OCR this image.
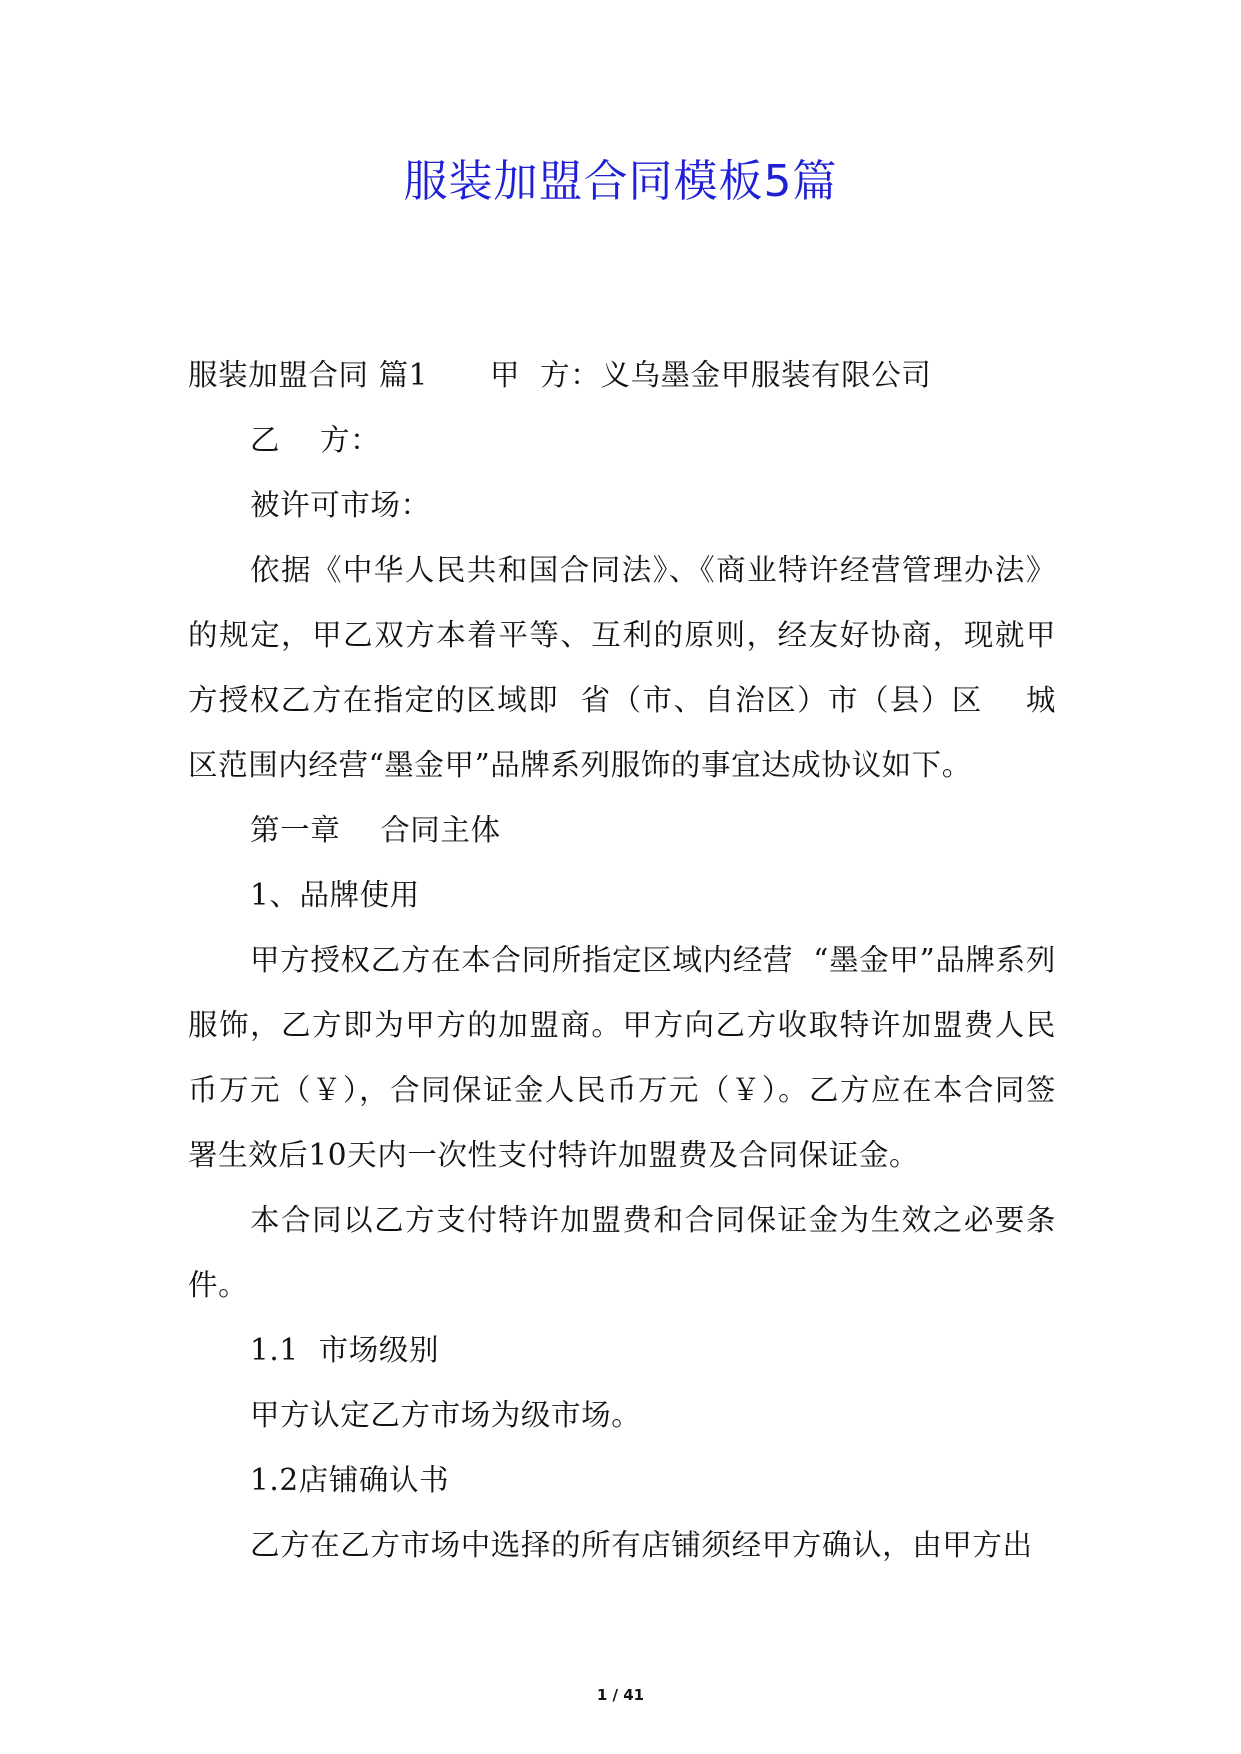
服装加盟合同模板5篇

服装加盟合同 篇1 甲 方：义乌墨金甲服装有限公司

乙    方：

被许可市场：

依据《中华人民共和国合同法》、《商业特许经营管理办法》的规定，甲乙双方本着平等、互利的原则，经友好协商，现就甲方授权乙方在指定的区域即  省（市、自治区）市（县）区    城区范围内经营“墨金甲”品牌系列服饰的事宜达成协议如下。

第一章    合同主体

1、品牌使用

甲方授权乙方在本合同所指定区域内经营  “墨金甲”品牌系列服饰，乙方即为甲方的加盟商。甲方向乙方收取特许加盟费人民币万元（￥），合同保证金人民币万元（￥）。乙方应在本合同签署生效后10天内一次性支付特许加盟费及合同保证金。

本合同以乙方支付特许加盟费和合同保证金为生效之必要条件。

1.1  市场级别

甲方认定乙方市场为级市场。

1.2店铺确认书

乙方在乙方市场中选择的所有店铺须经甲方确认，由甲方出

1 / 41
